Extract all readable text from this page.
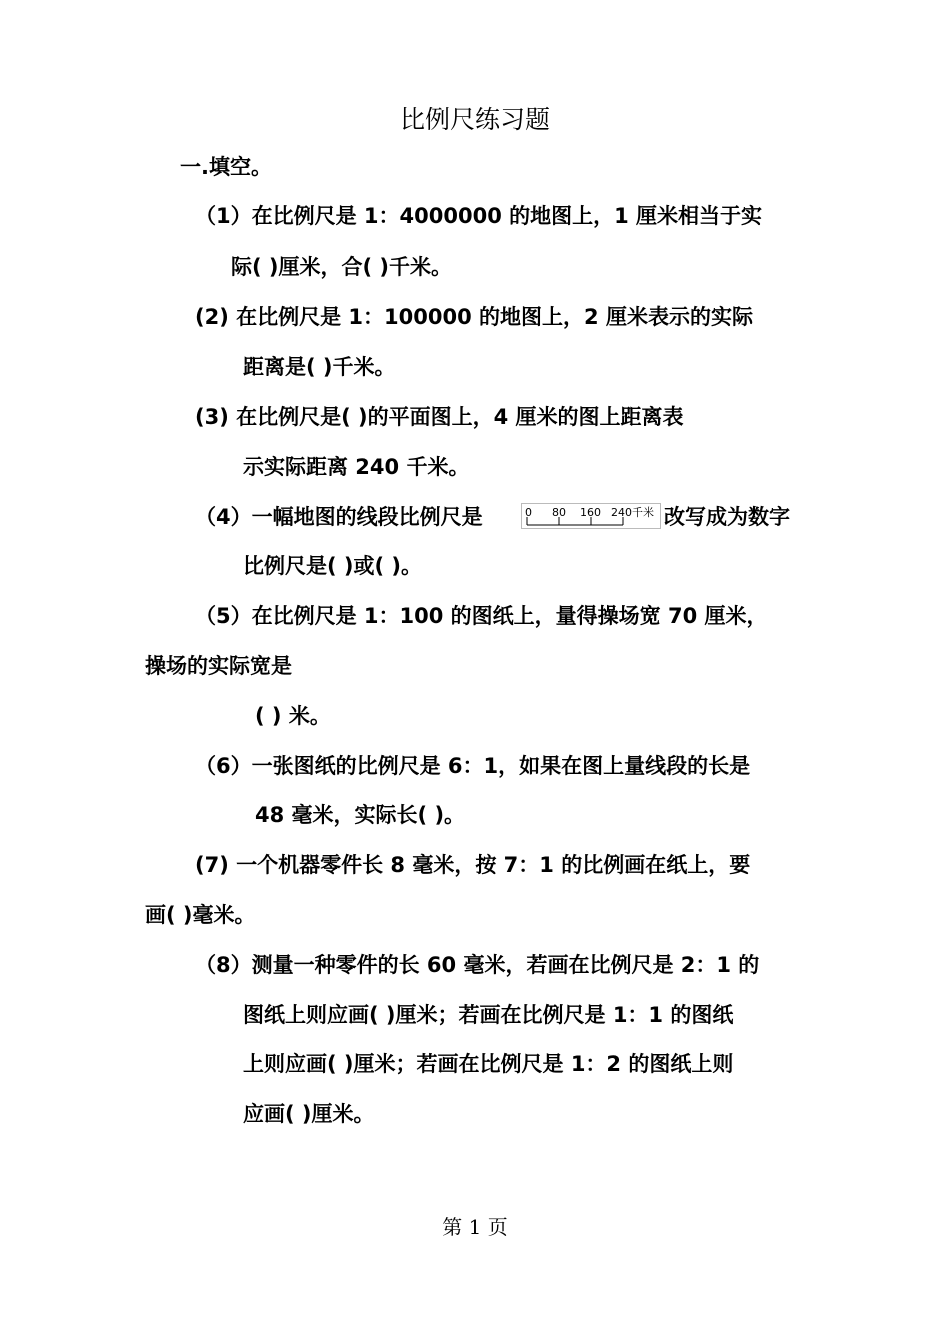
比例尺练习题
一.填空。
（1）在比例尺是 1：4000000 的地图上，1 厘米相当于实
际( )厘米，合( )千米。
(2) 在比例尺是 1：100000 的地图上，2 厘米表示的实际
距离是( )千米。
(3) 在比例尺是( )的平面图上，4 厘米的图上距离表
示实际距离 240 千米。
（4）一幅地图的线段比例尺是	0 80 160 240 千米 改写成为数字
比例尺是( )或( )。
（5）在比例尺是 1：100 的图纸上，量得操场宽 70 厘米，
操场的实际宽是
( ) 米。
（6）一张图纸的比例尺是 6：1，如果在图上量线段的长是
48 毫米，实际长( )。
(7) 一个机器零件长 8 毫米，按 7：1 的比例画在纸上，要
画( )毫米。
（8）测量一种零件的长 60 毫米，若画在比例尺是 2：1 的
图纸上则应画( )厘米；若画在比例尺是 1：1 的图纸
上则应画( )厘米；若画在比例尺是 1：2 的图纸上则
应画( )厘米。
第 1 页
